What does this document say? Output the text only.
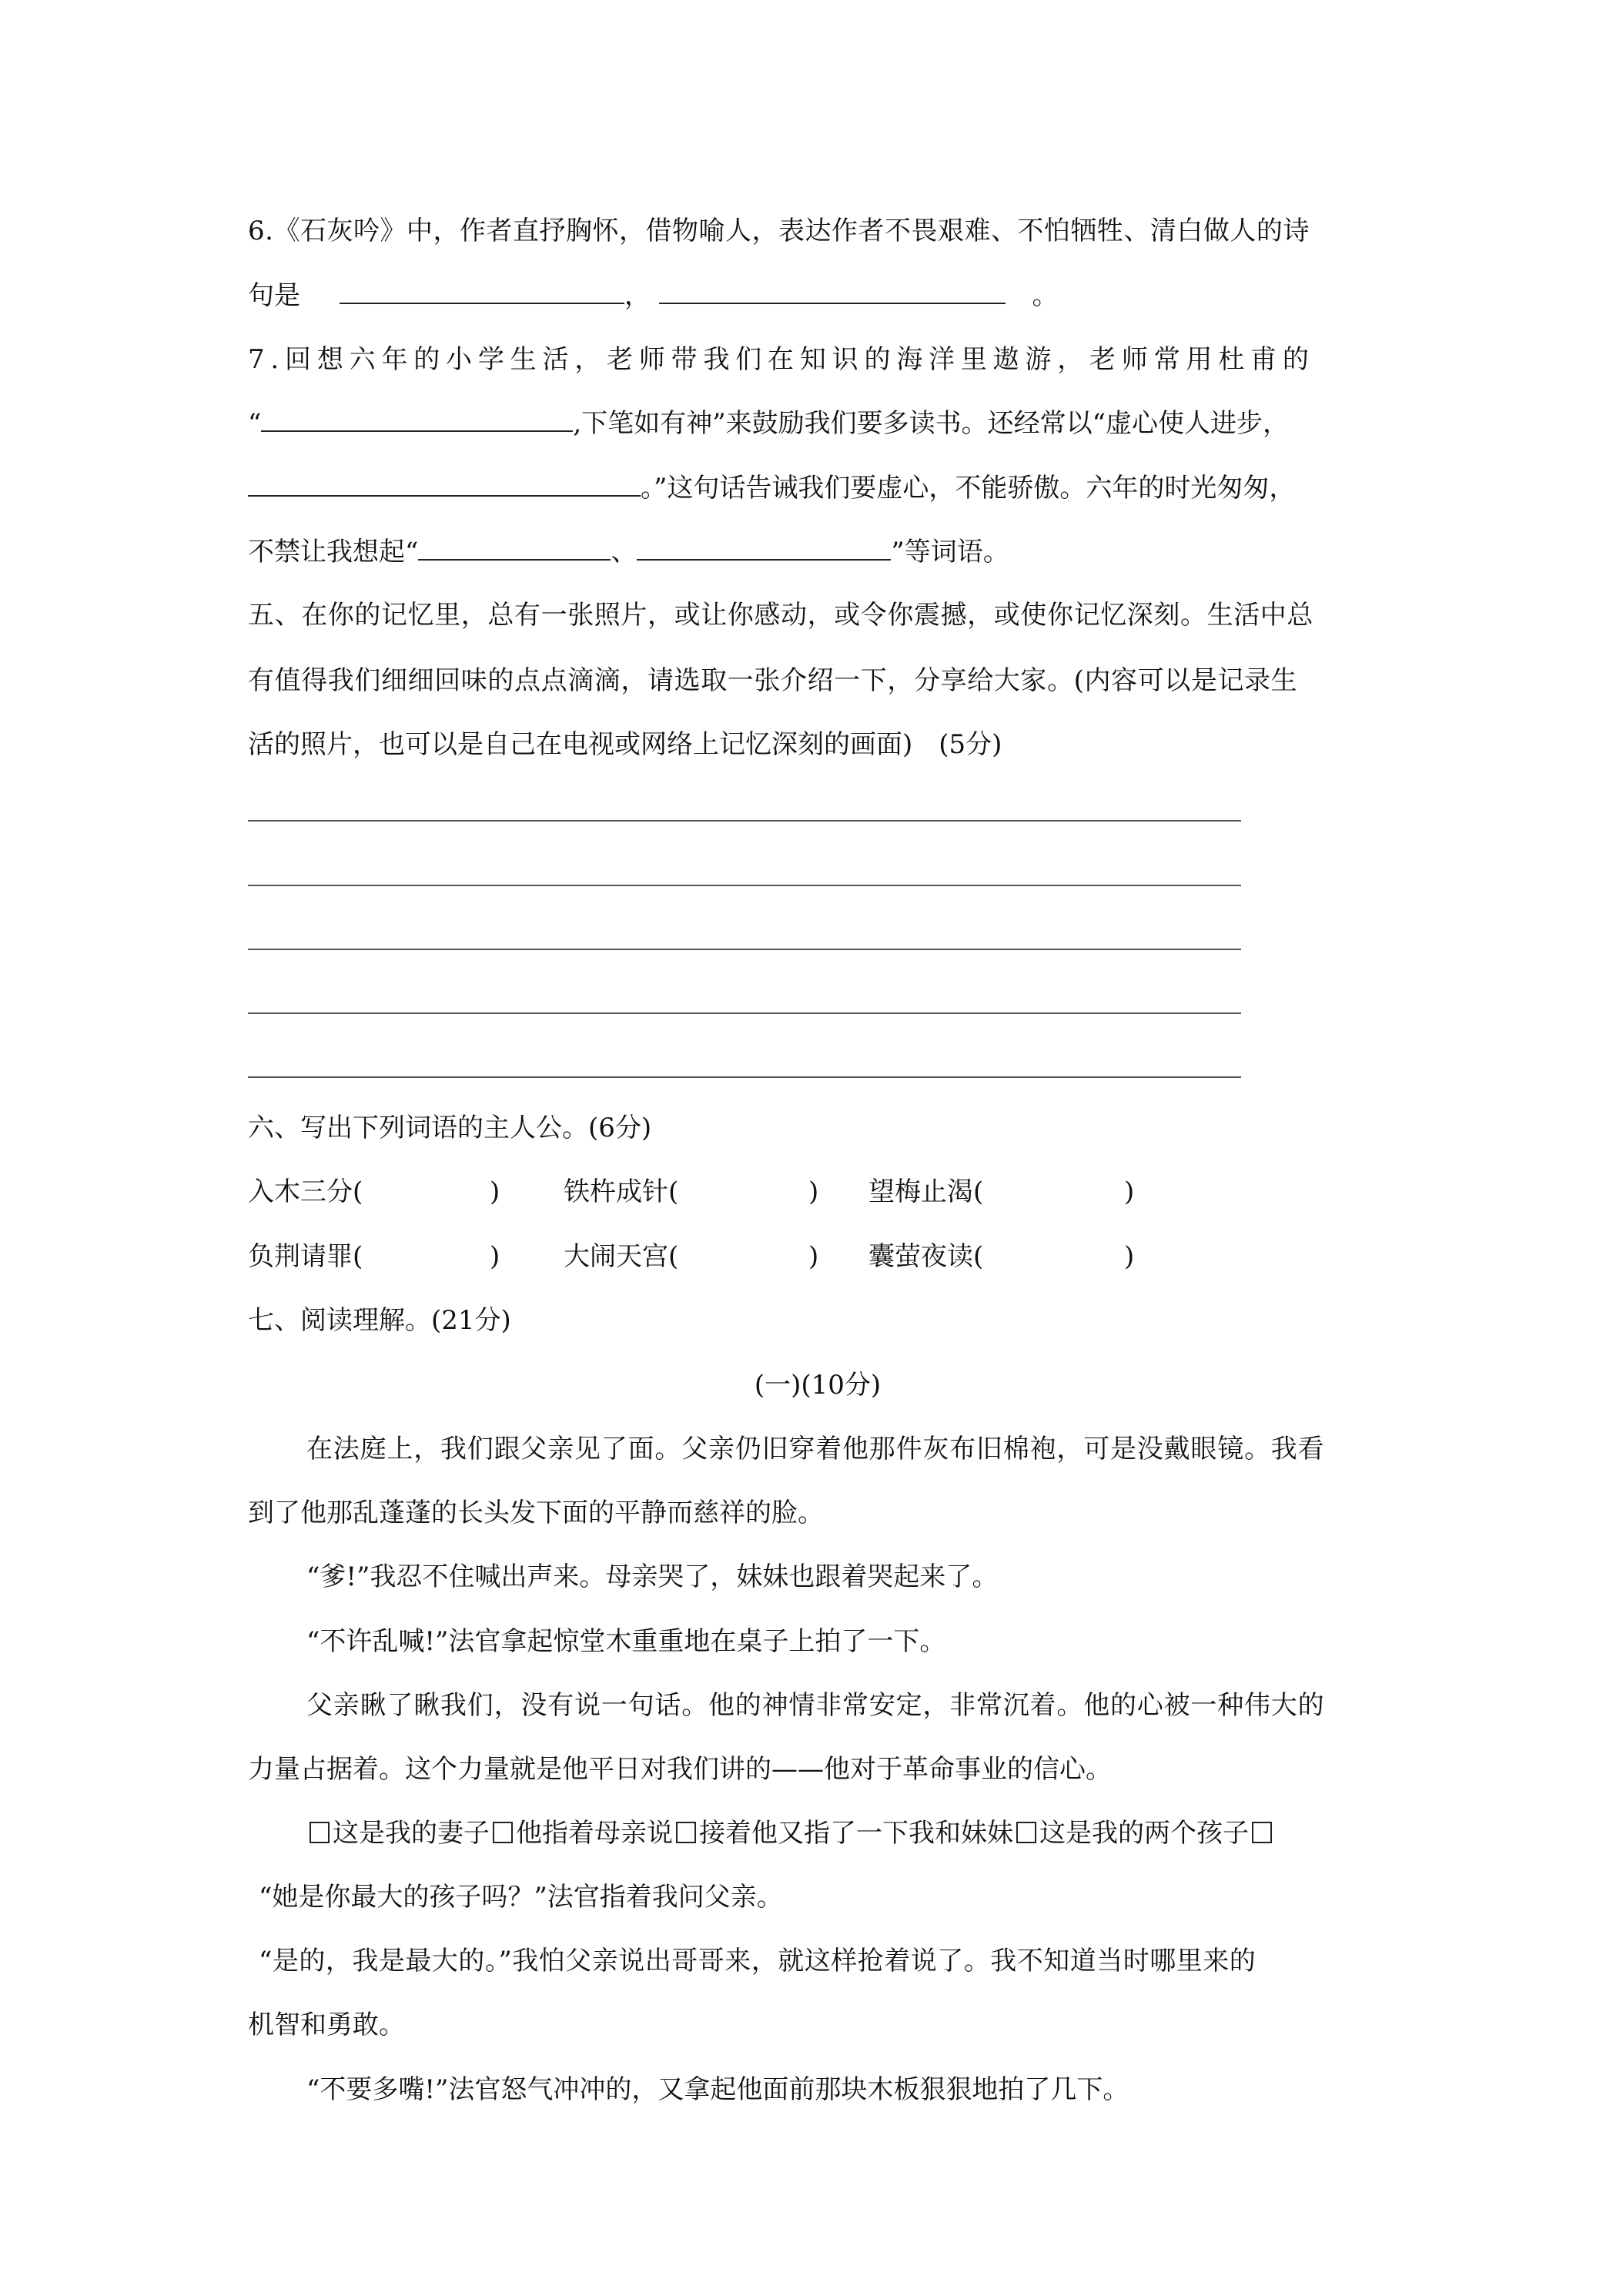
6.《石灰吟》中，作者直抒胸怀，借物喻人，表达作者不畏艰难、不怕牺牲、清白做人的诗
句是	，	。
7.回想六年的小学生活，老师带我们在知识的海洋里遨游，老师常用杜甫的
“	,下笔如有神”来鼓励我们要多读书。还经常以“虚心使人进步，
。”这句话告诫我们要虚心，不能骄傲。六年的时光匆匆，
不禁让我想起“	、	”等词语。
五、在你的记忆里，总有一张照片，或让你感动，或令你震撼，或使你记忆深刻。生活中总
有值得我们细细回味的点点滴滴，请选取一张介绍一下，分享给大家。(内容可以是记录生
活的照片，也可以是自己在电视或网络上记忆深刻的画面)　(5分)
六、写出下列词语的主人公。(6分)
入木三分(	) 铁杵成针(	) 望梅止渴(	)
负荆请罪(	) 大闹天宫(	) 囊萤夜读(	)
七、阅读理解。(21分)
(一)(10分)
在法庭上，我们跟父亲见了面。父亲仍旧穿着他那件灰布旧棉袍，可是没戴眼镜。我看
到了他那乱蓬蓬的长头发下面的平静而慈祥的脸。
“爹!”我忍不住喊出声来。母亲哭了，妹妹也跟着哭起来了。
“不许乱喊!”法官拿起惊堂木重重地在桌子上拍了一下。
父亲瞅了瞅我们，没有说一句话。他的神情非常安定，非常沉着。他的心被一种伟大的
力量占据着。这个力量就是他平日对我们讲的——他对于革命事业的信心。
这是我的妻子 他指着母亲说 接着他又指了一下我和妹妹 这是我的两个孩子
“她是你最大的孩子吗？”法官指着我问父亲。
“是的，我是最大的。”我怕父亲说出哥哥来，就这样抢着说了。我不知道当时哪里来的
机智和勇敢。
“不要多嘴!”法官怒气冲冲的，又拿起他面前那块木板狠狠地拍了几下。
